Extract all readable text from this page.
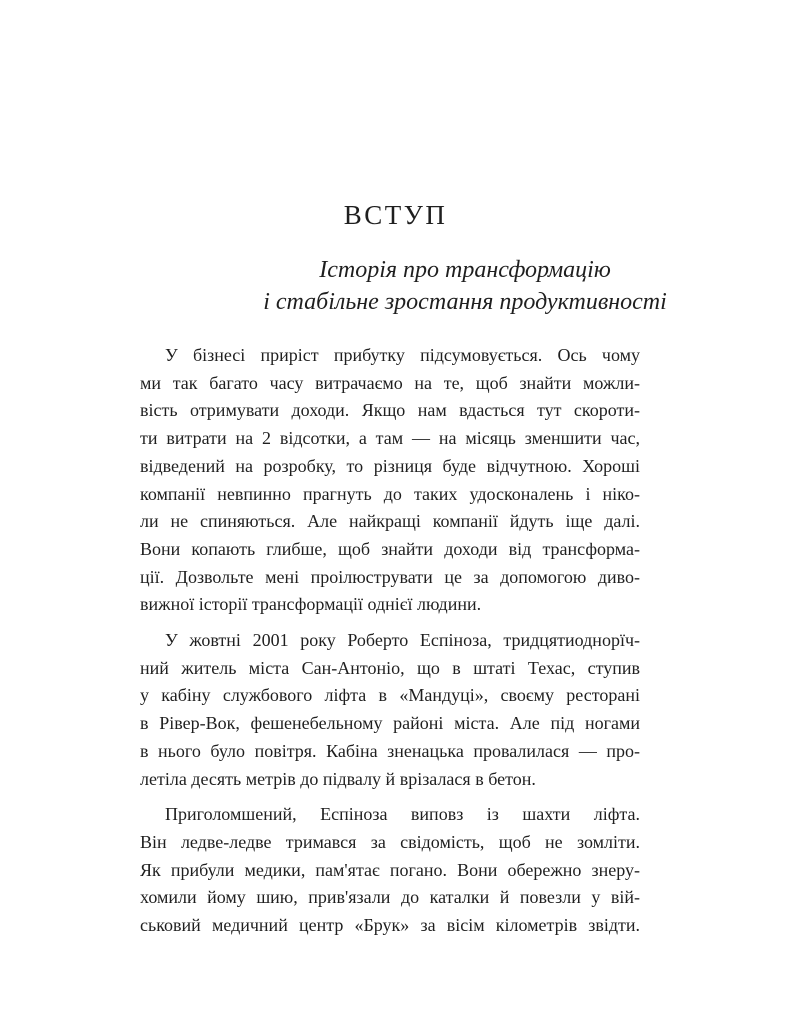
ВСТУП
Історія про трансформацію
і стабільне зростання продуктивності
У бізнесі приріст прибутку підсумовується. Ось чому
ми так багато часу витрачаємо на те, щоб знайти можли-
вість отримувати доходи. Якщо нам вдасться тут скороти-
ти витрати на 2 відсотки, а там — на місяць зменшити час,
відведений на розробку, то різниця буде відчутною. Хороші
компанії невпинно прагнуть до таких удосконалень і ніко-
ли не спиняються. Але найкращі компанії йдуть іще далі.
Вони копають глибше, щоб знайти доходи від трансформа-
ції. Дозвольте мені проілюструвати це за допомогою диво-
вижної історії трансформації однієї людини.
У жовтні 2001 року Роберто Еспіноза, тридцятиоднорїч-
ний житель міста Сан-Антоніо, що в штаті Техас, ступив
у кабіну службового ліфта в «Мандуці», своєму ресторані
в Рівер-Вок, фешенебельному районі міста. Але під ногами
в нього було повітря. Кабіна зненацька провалилася — про-
летіла десять метрів до підвалу й врізалася в бетон.
Приголомшений, Еспіноза виповз із шахти ліфта.
Він ледве-ледве тримався за свідомість, щоб не зомліти.
Як прибули медики, пам'ятає погано. Вони обережно знеру-
хомили йому шию, прив'язали до каталки й повезли у вій-
ськовий медичний центр «Брук» за вісім кілометрів звідти.
